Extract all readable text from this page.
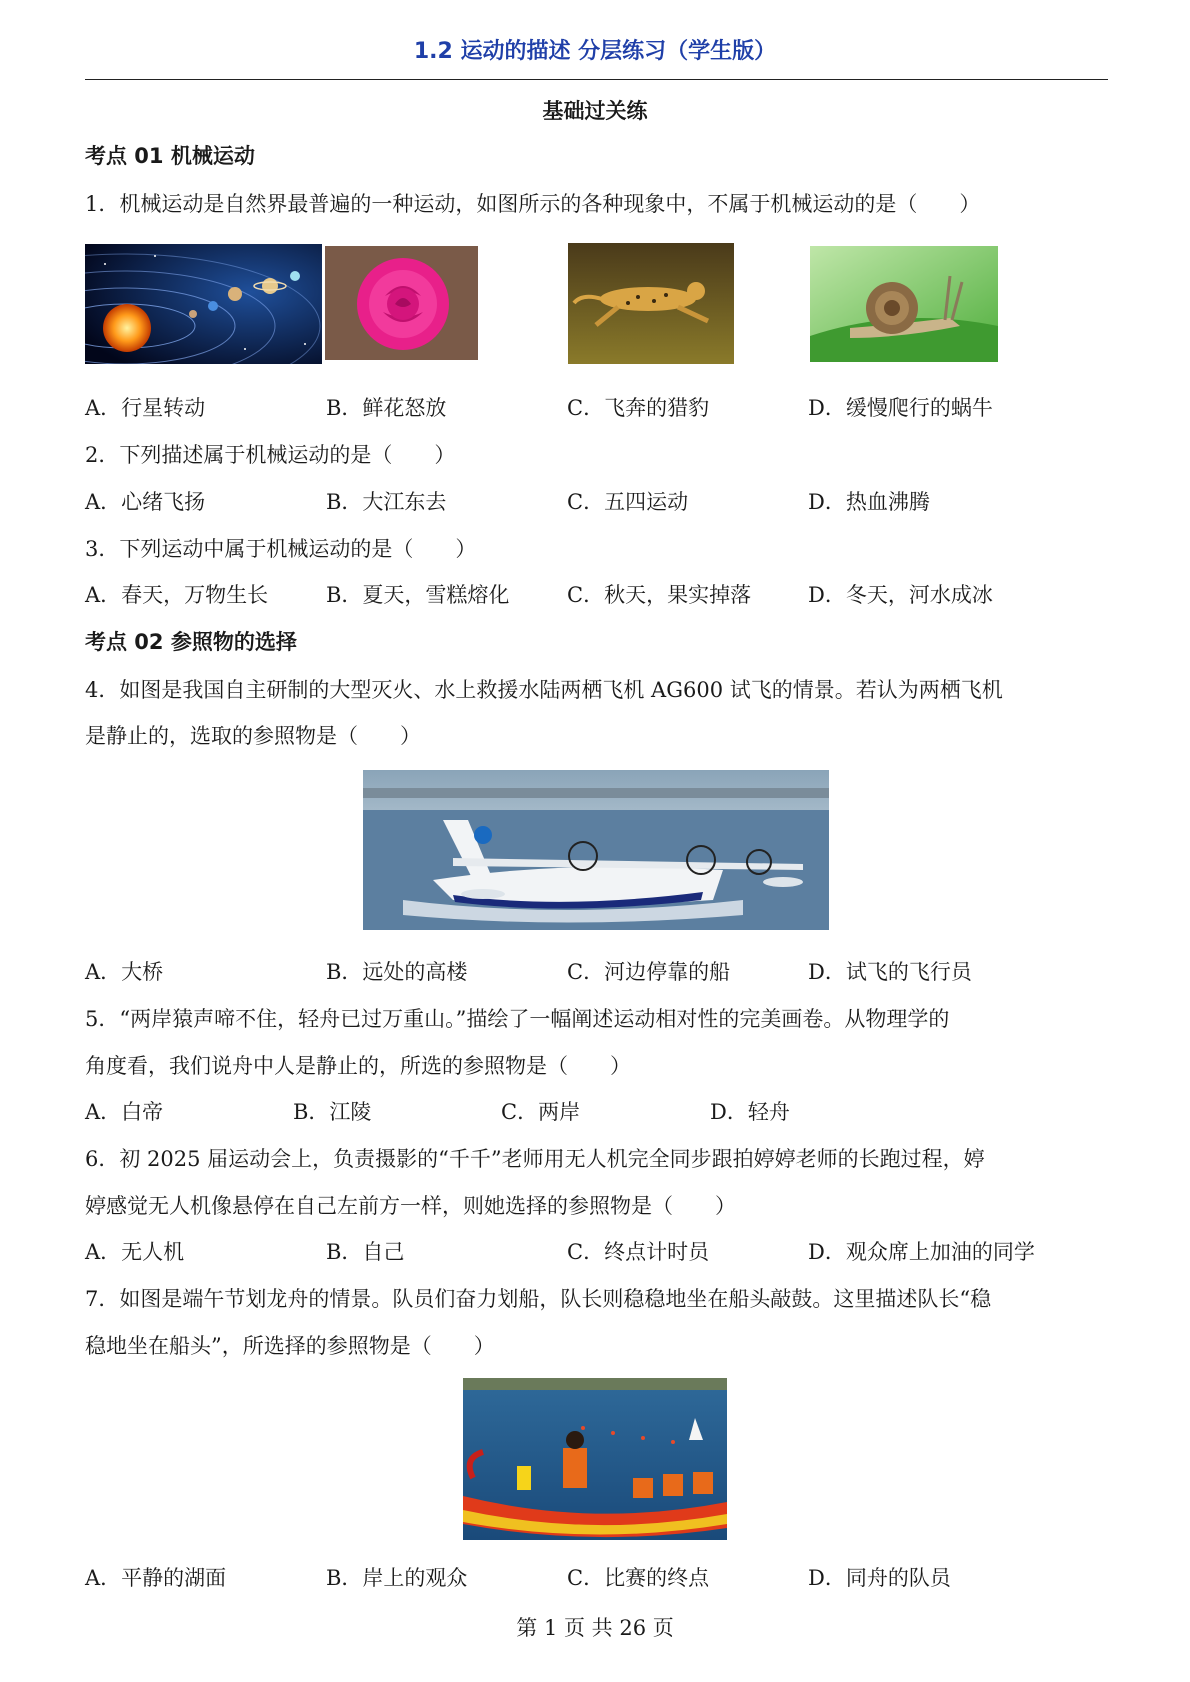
1.2 运动的描述 分层练习（学生版）
基础过关练
考点 01 机械运动
1．机械运动是自然界最普遍的一种运动，如图所示的各种现象中，不属于机械运动的是（　　）
A．行星转动	B．鲜花怒放	C．飞奔的猎豹	D．缓慢爬行的蜗牛
2．下列描述属于机械运动的是（　　）
A．心绪飞扬	B．大江东去	C．五四运动	D．热血沸腾
3．下列运动中属于机械运动的是（　　）
A．春天，万物生长	B．夏天，雪糕熔化	C．秋天，果实掉落	D．冬天，河水成冰
考点 02 参照物的选择
4．如图是我国自主研制的大型灭火、水上救援水陆两栖飞机 AG600 试飞的情景。若认为两栖飞机
是静止的，选取的参照物是（　　）
A．大桥	B．远处的高楼	C．河边停靠的船	D．试飞的飞行员
5．“两岸猿声啼不住，轻舟已过万重山。”描绘了一幅阐述运动相对性的完美画卷。从物理学的
角度看，我们说舟中人是静止的，所选的参照物是（　　）
A．白帝	B．江陵	C．两岸	D．轻舟
6．初 2025 届运动会上，负责摄影的“千千”老师用无人机完全同步跟拍婷婷老师的长跑过程，婷
婷感觉无人机像悬停在自己左前方一样，则她选择的参照物是（　　）
A．无人机	B．自己	C．终点计时员	D．观众席上加油的同学
7．如图是端午节划龙舟的情景。队员们奋力划船，队长则稳稳地坐在船头敲鼓。这里描述队长“稳
稳地坐在船头”，所选择的参照物是（　　）
A．平静的湖面	B．岸上的观众	C．比赛的终点	D．同舟的队员
第 1 页 共 26 页
